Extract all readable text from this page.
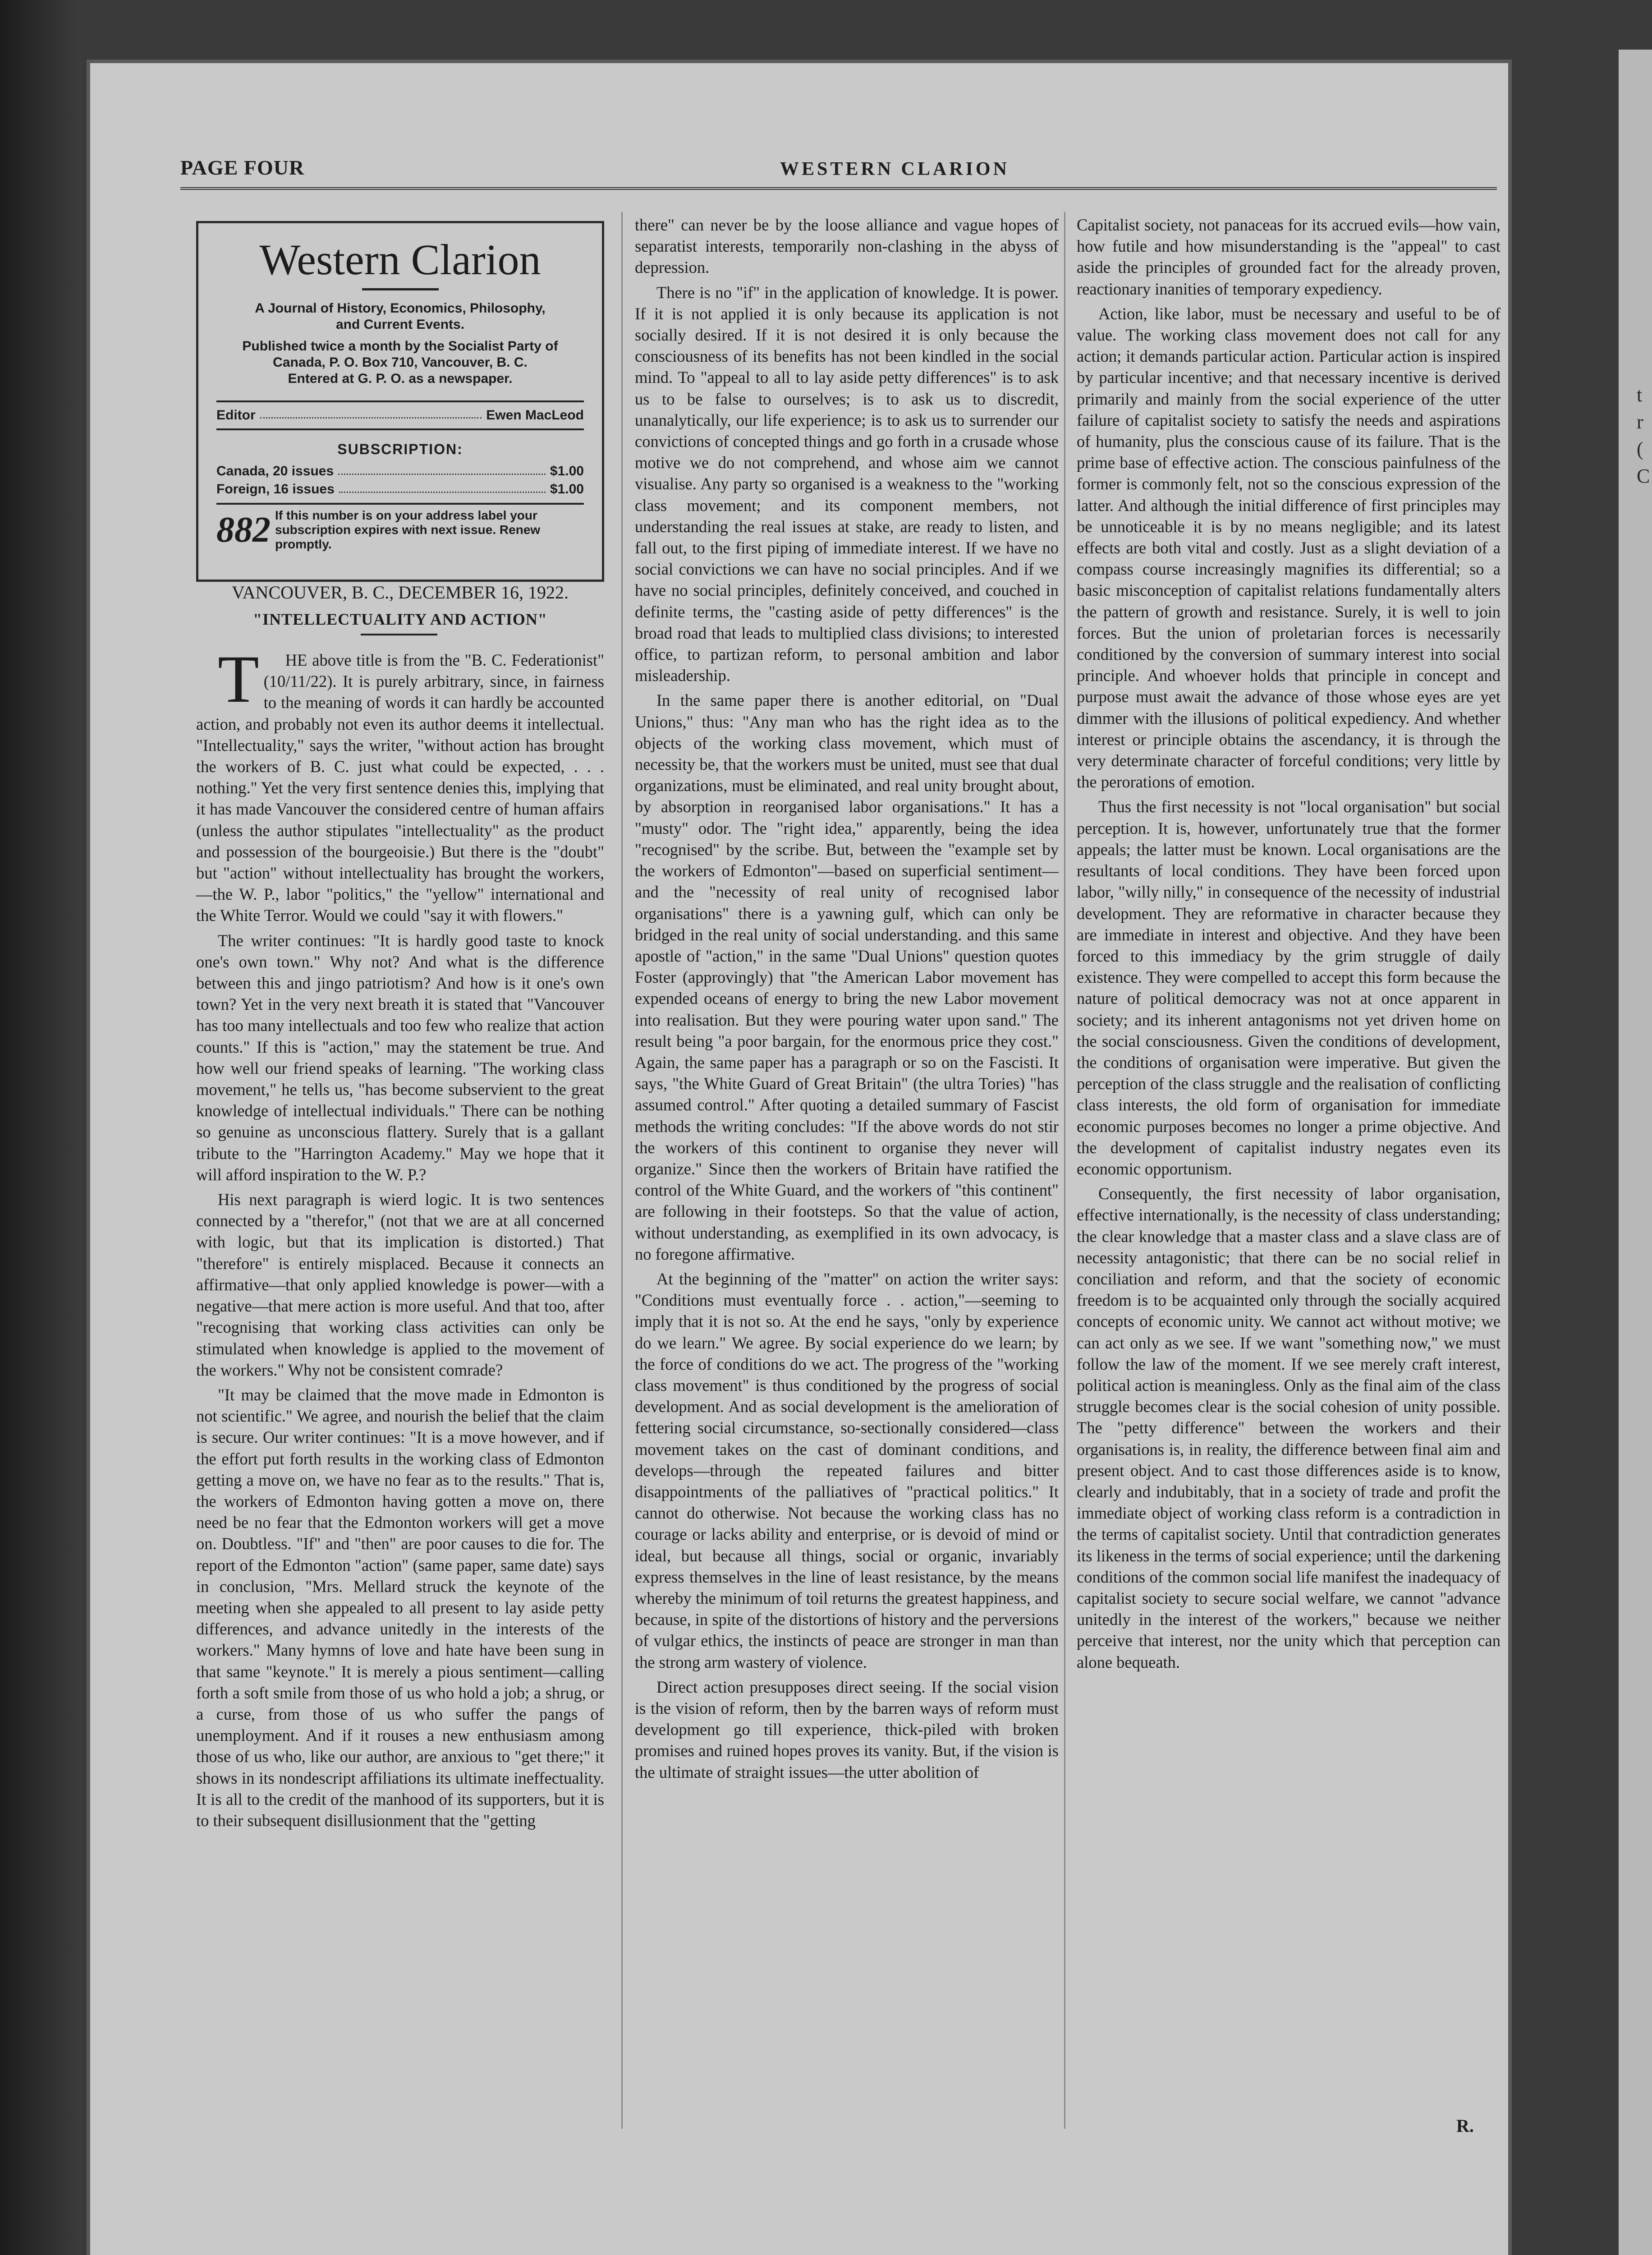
t
r
(
C
PAGE FOUR	WESTERN CLARION
Western Clarion
A Journal of History, Economics, Philosophy, and Current Events.
Published twice a month by the Socialist Party of Canada, P. O. Box 710, Vancouver, B. C.
Entered at G. P. O. as a newspaper.
Editor	Ewen MacLeod
SUBSCRIPTION:
Canada, 20 issues	$1.00
Foreign, 16 issues	$1.00
882 If this number is on your address label your subscription expires with next issue. Renew promptly.
VANCOUVER, B. C., DECEMBER 16, 1922.
"INTELLECTUALITY AND ACTION"

THE above title is from the "B. C. Federationist" (10/11/22). It is purely arbitrary, since, in fairness to the meaning of words it can hardly be accounted action, and probably not even its author deems it intellectual. "Intellectuality," says the writer, "without action has brought the workers of B. C. just what could be expected, . . . nothing." Yet the very first sentence denies this, implying that it has made Vancouver the considered centre of human affairs (unless the author stipulates "intellectuality" as the product and possession of the bourgeoisie.) But there is the "doubt" but "action" without intellectuality has brought the workers,—the W. P., labor "politics," the "yellow" international and the White Terror. Would we could "say it with flowers."

The writer continues: "It is hardly good taste to knock one's own town." Why not? And what is the difference between this and jingo patriotism? And how is it one's own town? Yet in the very next breath it is stated that "Vancouver has too many intellectuals and too few who realize that action counts." If this is "action," may the statement be true. And how well our friend speaks of learning. "The working class movement," he tells us, "has become subservient to the great knowledge of intellectual individuals." There can be nothing so genuine as unconscious flattery. Surely that is a gallant tribute to the "Harrington Academy." May we hope that it will afford inspiration to the W. P.?

His next paragraph is wierd logic. It is two sentences connected by a "therefor," (not that we are at all concerned with logic, but that its implication is distorted.) That "therefore" is entirely misplaced. Because it connects an affirmative—that only applied knowledge is power—with a negative—that mere action is more useful. And that too, after "recognising that working class activities can only be stimulated when knowledge is applied to the movement of the workers." Why not be consistent comrade?

"It may be claimed that the move made in Edmonton is not scientific." We agree, and nourish the belief that the claim is secure. Our writer continues: "It is a move however, and if the effort put forth results in the working class of Edmonton getting a move on, we have no fear as to the results." That is, the workers of Edmonton having gotten a move on, there need be no fear that the Edmonton workers will get a move on. Doubtless. "If" and "then" are poor causes to die for. The report of the Edmonton "action" (same paper, same date) says in conclusion, "Mrs. Mellard struck the keynote of the meeting when she appealed to all present to lay aside petty differences, and advance unitedly in the interests of the workers." Many hymns of love and hate have been sung in that same "keynote." It is merely a pious sentiment—calling forth a soft smile from those of us who hold a job; a shrug, or a curse, from those of us who suffer the pangs of unemployment. And if it rouses a new enthusiasm among those of us who, like our author, are anxious to "get there;" it shows in its nondescript affiliations its ultimate ineffectuality. It is all to the credit of the manhood of its supporters, but it is to their subsequent disillusionment that the "getting

there" can never be by the loose alliance and vague hopes of separatist interests, temporarily non-clashing in the abyss of depression.

There is no "if" in the application of knowledge. It is power. If it is not applied it is only because its application is not socially desired. If it is not desired it is only because the consciousness of its benefits has not been kindled in the social mind. To "appeal to all to lay aside petty differences" is to ask us to be false to ourselves; is to ask us to discredit, unanalytically, our life experience; is to ask us to surrender our convictions of concepted things and go forth in a crusade whose motive we do not comprehend, and whose aim we cannot visualise. Any party so organised is a weakness to the "working class movement; and its component members, not understanding the real issues at stake, are ready to listen, and fall out, to the first piping of immediate interest. If we have no social convictions we can have no social principles. And if we have no social principles, definitely conceived, and couched in definite terms, the "casting aside of petty differences" is the broad road that leads to multiplied class divisions; to interested office, to partizan reform, to personal ambition and labor misleadership.

In the same paper there is another editorial, on "Dual Unions," thus: "Any man who has the right idea as to the objects of the working class movement, which must of necessity be, that the workers must be united, must see that dual organizations, must be eliminated, and real unity brought about, by absorption in reorganised labor organisations." It has a "musty" odor. The "right idea," apparently, being the idea "recognised" by the scribe. But, between the "example set by the workers of Edmonton"—based on superficial sentiment—and the "necessity of real unity of recognised labor organisations" there is a yawning gulf, which can only be bridged in the real unity of social understanding. and this same apostle of "action," in the same "Dual Unions" question quotes Foster (approvingly) that "the American Labor movement has expended oceans of energy to bring the new Labor movement into realisation. But they were pouring water upon sand." The result being "a poor bargain, for the enormous price they cost." Again, the same paper has a paragraph or so on the Fascisti. It says, "the White Guard of Great Britain" (the ultra Tories) "has assumed control." After quoting a detailed summary of Fascist methods the writing concludes: "If the above words do not stir the workers of this continent to organise they never will organize." Since then the workers of Britain have ratified the control of the White Guard, and the workers of "this continent" are following in their footsteps. So that the value of action, without understanding, as exemplified in its own advocacy, is no foregone affirmative.

At the beginning of the "matter" on action the writer says: "Conditions must eventually force . . action,"—seeming to imply that it is not so. At the end he says, "only by experience do we learn." We agree. By social experience do we learn; by the force of conditions do we act. The progress of the "working class movement" is thus conditioned by the progress of social development. And as social development is the amelioration of fettering social circumstance, so-sectionally considered—class movement takes on the cast of dominant conditions, and develops—through the repeated failures and bitter disappointments of the palliatives of "practical politics." It cannot do otherwise. Not because the working class has no courage or lacks ability and enterprise, or is devoid of mind or ideal, but because all things, social or organic, invariably express themselves in the line of least resistance, by the means whereby the minimum of toil returns the greatest happiness, and because, in spite of the distortions of history and the perversions of vulgar ethics, the instincts of peace are stronger in man than the strong arm wastery of violence.

Direct action presupposes direct seeing. If the social vision is the vision of reform, then by the barren ways of reform must development go till experience, thick-piled with broken promises and ruined hopes proves its vanity. But, if the vision is the ultimate of straight issues—the utter abolition of

Capitalist society, not panaceas for its accrued evils—how vain, how futile and how misunderstanding is the "appeal" to cast aside the principles of grounded fact for the already proven, reactionary inanities of temporary expediency.

Action, like labor, must be necessary and useful to be of value. The working class movement does not call for any action; it demands particular action. Particular action is inspired by particular incentive; and that necessary incentive is derived primarily and mainly from the social experience of the utter failure of capitalist society to satisfy the needs and aspirations of humanity, plus the conscious cause of its failure. That is the prime base of effective action. The conscious painfulness of the former is commonly felt, not so the conscious expression of the latter. And although the initial difference of first principles may be unnoticeable it is by no means negligible; and its latest effects are both vital and costly. Just as a slight deviation of a compass course increasingly magnifies its differential; so a basic misconception of capitalist relations fundamentally alters the pattern of growth and resistance. Surely, it is well to join forces. But the union of proletarian forces is necessarily conditioned by the conversion of summary interest into social principle. And whoever holds that principle in concept and purpose must await the advance of those whose eyes are yet dimmer with the illusions of political expediency. And whether interest or principle obtains the ascendancy, it is through the very determinate character of forceful conditions; very little by the perorations of emotion.

Thus the first necessity is not "local organisation" but social perception. It is, however, unfortunately true that the former appeals; the latter must be known. Local organisations are the resultants of local conditions. They have been forced upon labor, "willy nilly," in consequence of the necessity of industrial development. They are reformative in character because they are immediate in interest and objective. And they have been forced to this immediacy by the grim struggle of daily existence. They were compelled to accept this form because the nature of political democracy was not at once apparent in society; and its inherent antagonisms not yet driven home on the social consciousness. Given the conditions of development, the conditions of organisation were imperative. But given the perception of the class struggle and the realisation of conflicting class interests, the old form of organisation for immediate economic purposes becomes no longer a prime objective. And the development of capitalist industry negates even its economic opportunism.

Consequently, the first necessity of labor organisation, effective internationally, is the necessity of class understanding; the clear knowledge that a master class and a slave class are of necessity antagonistic; that there can be no social relief in conciliation and reform, and that the society of economic freedom is to be acquainted only through the socially acquired concepts of economic unity. We cannot act without motive; we can act only as we see. If we want "something now," we must follow the law of the moment. If we see merely craft interest, political action is meaningless. Only as the final aim of the class struggle becomes clear is the social cohesion of unity possible. The "petty difference" between the workers and their organisations is, in reality, the difference between final aim and present object. And to cast those differences aside is to know, clearly and indubitably, that in a society of trade and profit the immediate object of working class reform is a contradiction in the terms of capitalist society. Until that contradiction generates its likeness in the terms of social experience; until the darkening conditions of the common social life manifest the inadequacy of capitalist society to secure social welfare, we cannot "advance unitedly in the interest of the workers," because we neither perceive that interest, nor the unity which that perception can alone bequeath.

R.
